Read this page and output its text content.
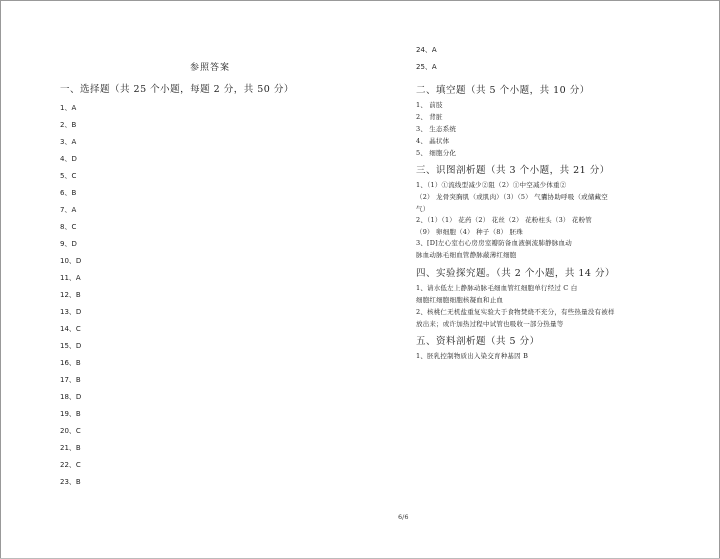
参照答案
一、选择题（共 25 个小题，每题 2 分，共 50 分）
1、A
2、B
3、A
4、D
5、C
6、B
7、A
8、C
9、D
10、D
11、A
12、B
13、D
14、C
15、D
16、B
17、B
18、D
19、B
20、C
21、B
22、C
23、B
24、A
25、A
二、填空题（共 5 个小题，共 10 分）
1、 前肢
2、 背脏
3、 生态系统
4、 晶状体
5、 细胞分化
三、识图剖析题（共 3 个小题，共 21 分）
1、（1）①流线型减少②阻（2）①中空减少体重②
（2） 龙骨突胸肌（或肌肉）（3）（5） 气囊协助呼吸（或储藏空
气）
2、（1）（1） 花药（2） 花丝（2） 花粉柱头（3） 花粉管
（9） 卵细胞（4） 种子（8） 胚珠
3、[D]左心室右心房房室瓣防备血液倒流肺静脉血动
脉血动脉毛细血管静脉蔽薄红细胞
四、实验探究题。（共 2 个小题，共 14 分）
1、请水低左上静脉动脉毛细血管红细胞单行经过 C 白
细胞红细胞细胞核凝血和止血
2、核桃仁无机盐重复实验大于食物焚烧不充分，有些热量没有被样
放出来；或许加热过程中试管也吸收一部分热量等
五、资料剖析题（共 5 分）
1、胚乳控制物质出入染交育种基因 B
6/6
